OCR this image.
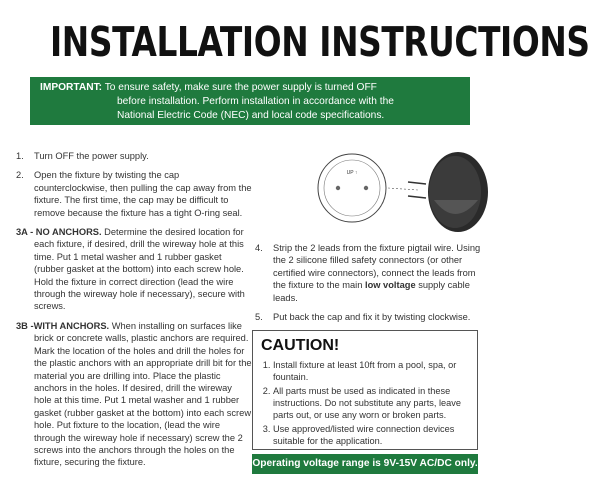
INSTALLATION INSTRUCTIONS
IMPORTANT: To ensure safety, make sure the power supply is turned OFF
before installation. Perform installation in accordance with the
National Electric Code (NEC) and local code specifications.
1. Turn OFF the power supply.
2. Open the fixture by twisting the cap counterclockwise, then pulling the cap away from the fixture. The first time, the cap may be difficult to remove because the fixture has a tight O-ring seal.
3A - NO ANCHORS. Determine the desired location for each fixture, if desired, drill the wireway hole at this time. Put 1 metal washer and 1 rubber gasket (rubber gasket at the bottom) into each screw hole. Hold the fixture in correct direction (lead the wire through the wireway hole if necessary), secure with screws.
3B -WITH ANCHORS. When installing on surfaces like brick or concrete walls, plastic anchors are required. Mark the location of the holes and drill the holes for the plastic anchors with an appropriate drill bit for the material you are drilling into. Place the plastic anchors in the holes. If desired, drill the wireway hole at this time. Put 1 metal washer and 1 rubber gasket (rubber gasket at the bottom) into each screw hole. Put fixture to the location, (lead the wire through the wireway hole if necessary) screw the 2 screws into the anchors through the holes on the fixture, securing the fixture.
UP ↑
4. Strip the 2 leads from the fixture pigtail wire. Using the 2 silicone filled safety connectors (or other certified wire connectors), connect the leads from the fixture to the main low voltage supply cable leads.
5. Put back the cap and fix it by twisting clockwise.
CAUTION!
1. Install fixture at least 10ft from a pool, spa, or fountain.
2. All parts must be used as indicated in these instructions. Do not substitute any parts, leave parts out, or use any worn or broken parts.
3. Use approved/listed wire connection devices suitable for the application.
Operating voltage range is 9V-15V AC/DC only.
